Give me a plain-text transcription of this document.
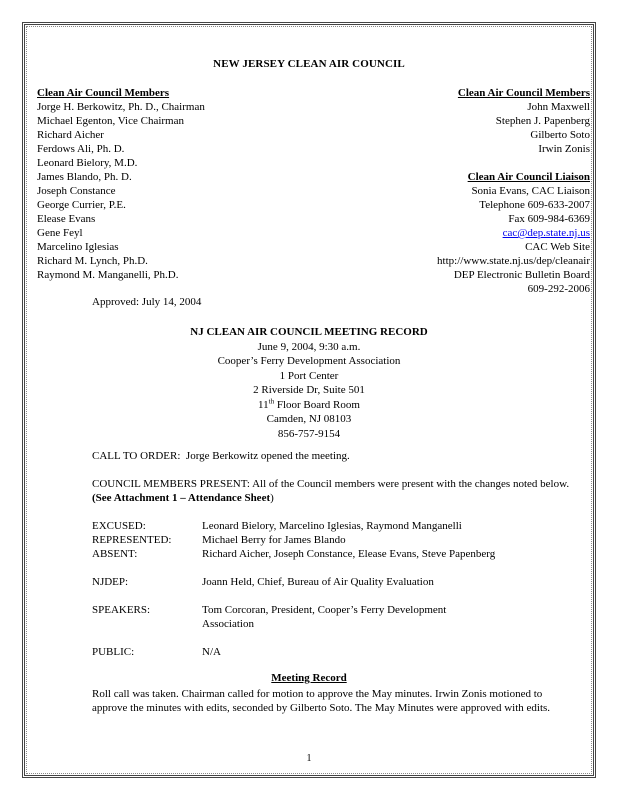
NEW JERSEY CLEAN AIR COUNCIL
Clean Air Council Members
Jorge H. Berkowitz, Ph. D., Chairman
Michael Egenton, Vice Chairman
Richard Aicher
Ferdows Ali, Ph. D.
Leonard Bielory, M.D.
James Blando, Ph. D.
Joseph Constance
George Currier, P.E.
Elease Evans
Gene Feyl
Marcelino Iglesias
Richard M. Lynch, Ph.D.
Raymond M. Manganelli, Ph.D.
Clean Air Council Members
John Maxwell
Stephen J. Papenberg
Gilberto Soto
Irwin Zonis
Clean Air Council Liaison
Sonia Evans, CAC Liaison
Telephone 609-633-2007
Fax 609-984-6369
cac@dep.state.nj.us
CAC Web Site
http://www.state.nj.us/dep/cleanair
DEP Electronic Bulletin Board
609-292-2006
Approved: July 14, 2004
NJ CLEAN AIR COUNCIL MEETING RECORD
June 9, 2004, 9:30 a.m.
Cooper’s Ferry Development Association
1 Port Center
2 Riverside Dr, Suite 501
11th Floor Board Room
Camden, NJ 08103
856-757-9154
CALL TO ORDER: Jorge Berkowitz opened the meeting.
COUNCIL MEMBERS PRESENT: All of the Council members were present with the changes noted below. (See Attachment 1 – Attendance Sheet)
EXCUSED:	Leonard Bielory, Marcelino Iglesias, Raymond Manganelli
REPRESENTED:	Michael Berry for James Blando
ABSENT:	Richard Aicher, Joseph Constance, Elease Evans, Steve Papenberg
NJDEP:	Joann Held, Chief, Bureau of Air Quality Evaluation
SPEAKERS:	Tom Corcoran, President, Cooper’s Ferry Development Association
PUBLIC:	N/A
Meeting Record
Roll call was taken. Chairman called for motion to approve the May minutes. Irwin Zonis motioned to approve the minutes with edits, seconded by Gilberto Soto. The May Minutes were approved with edits.
1
